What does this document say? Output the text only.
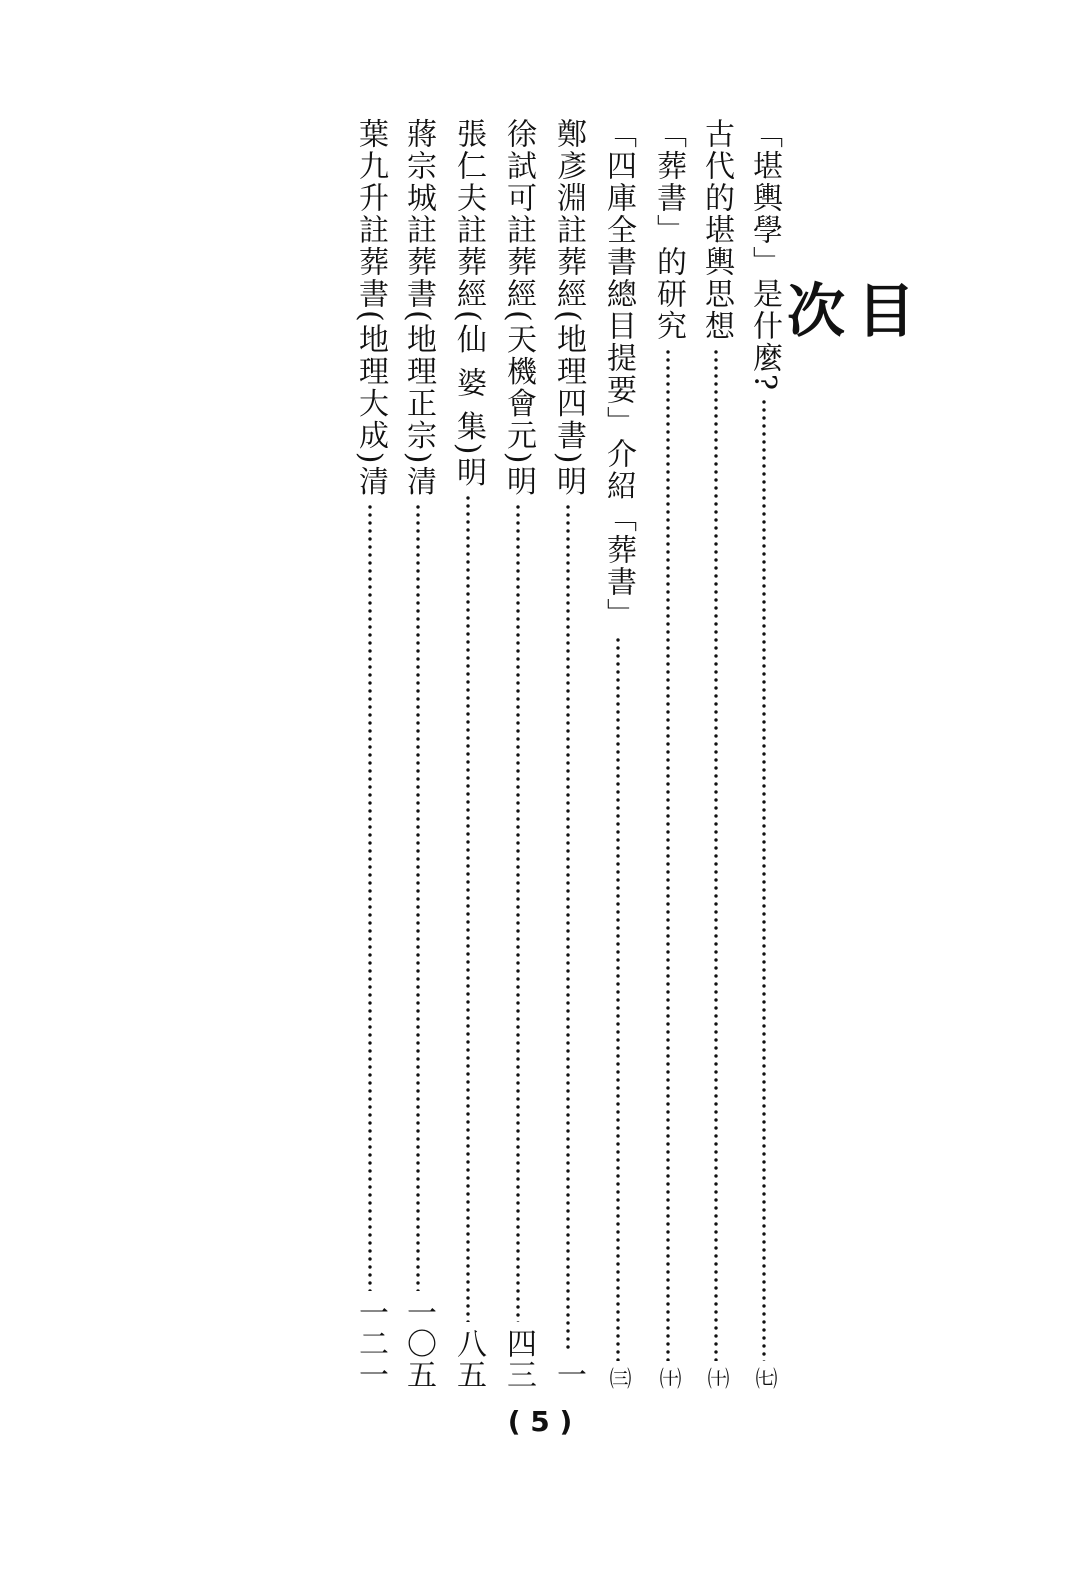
目次
「堪輿學」是什麼?
㈦
古代的堪輿思想
㈩
「葬書」的研究
㈩
「四庫全書總目提要」介紹「葬書」
㈢
鄭彥淵註葬經(地理四書)明
一
徐試可註葬經(天機會元)明
四三
張仁夫註葬經(仙 婆 集)明
八五
蔣宗城註葬書(地理正宗)清
一〇五
葉九升註葬書(地理大成)清
一二一
( 5 )
